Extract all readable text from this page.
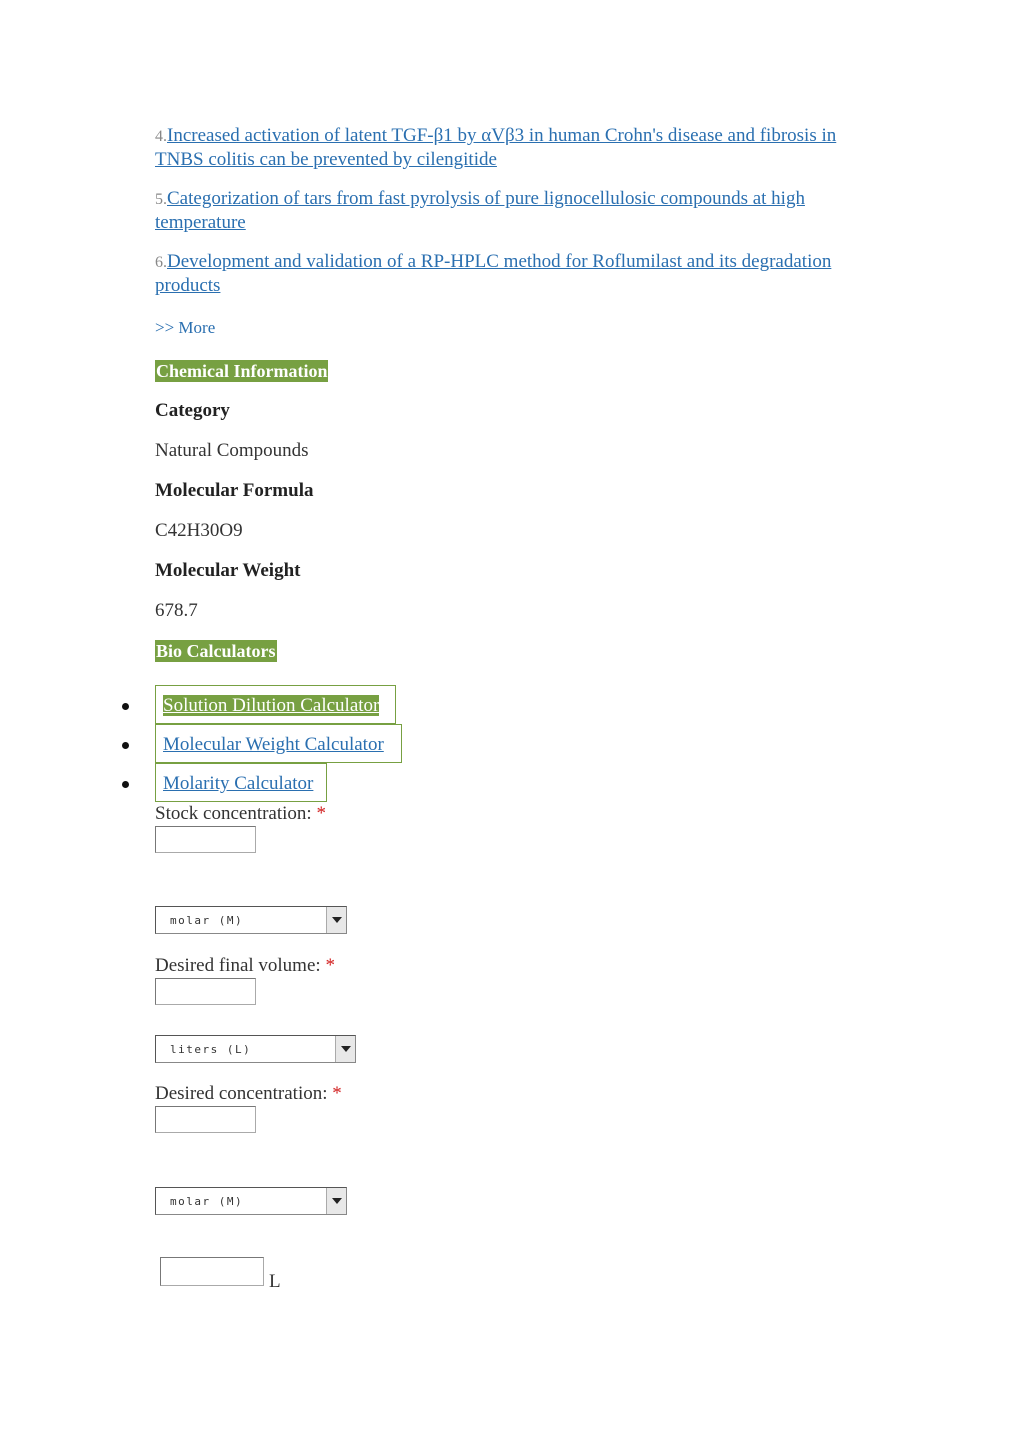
4.Increased activation of latent TGF-β1 by αVβ3 in human Crohn's disease and fibrosis in TNBS colitis can be prevented by cilengitide
5.Categorization of tars from fast pyrolysis of pure lignocellulosic compounds at high temperature
6.Development and validation of a RP-HPLC method for Roflumilast and its degradation products
>> More
Chemical Information
Category
Natural Compounds
Molecular Formula
C42H30O9
Molecular Weight
678.7
Bio Calculators
Solution Dilution Calculator
Molecular Weight Calculator
Molarity Calculator
Stock concentration: *
molar (M)
Desired final volume: *
liters (L)
Desired concentration: *
molar (M)
L
